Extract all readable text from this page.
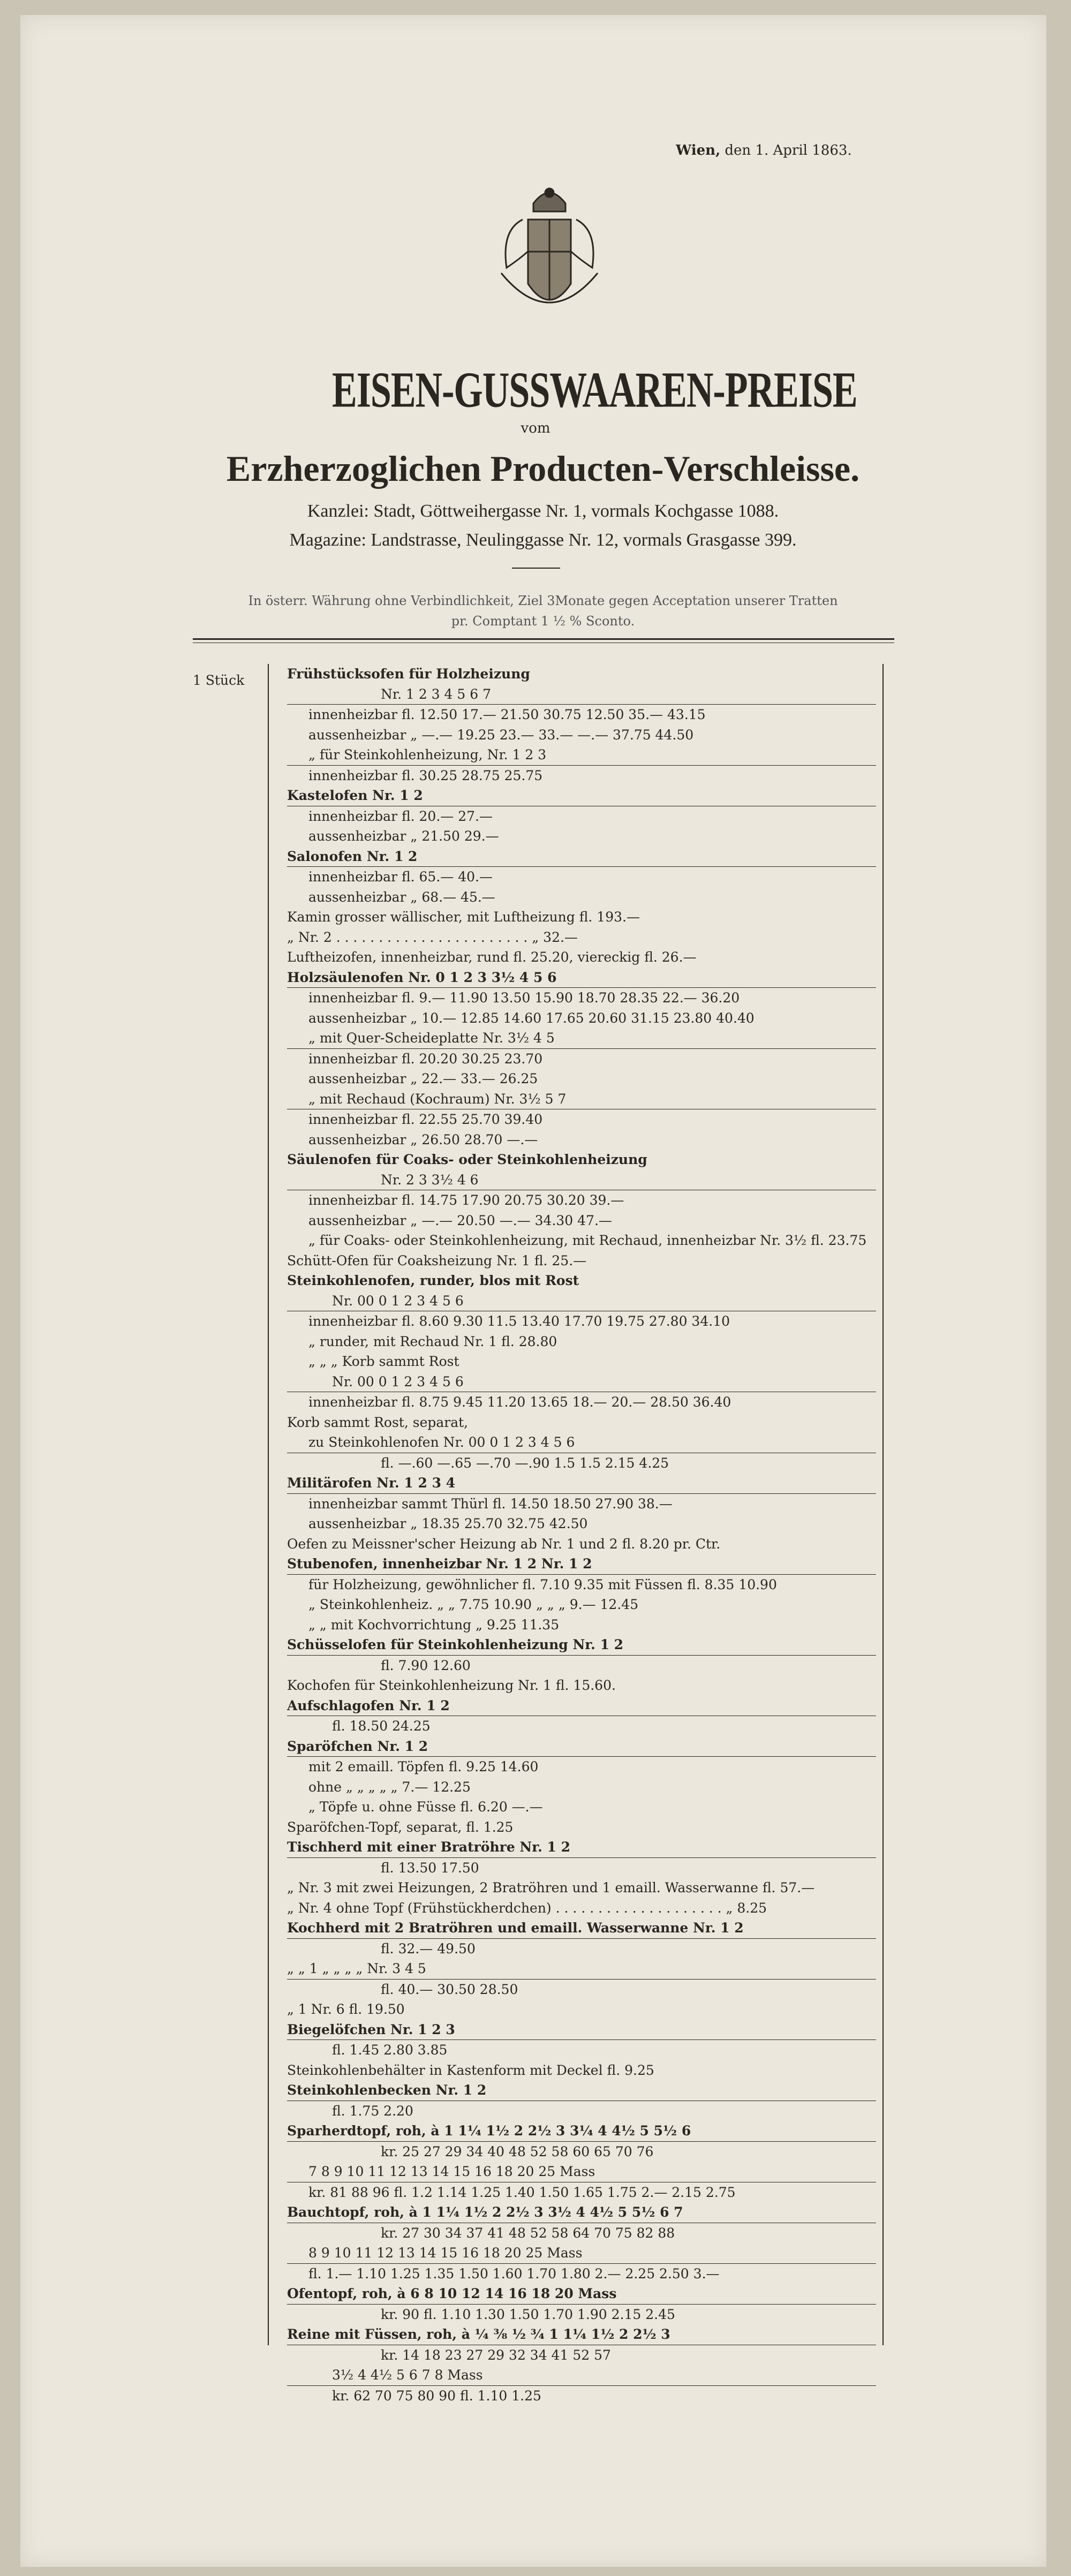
Wien, den 1. April 1863.
EISEN-GUSSWAAREN-PREISE
vom
Erzherzoglichen Producten-Verschleisse.
Kanzlei: Stadt, Göttweihergasse Nr. 1, vormals Kochgasse 1088.
Magazine: Landstrasse, Neulinggasse Nr. 12, vormals Grasgasse 399.
In österr. Währung ohne Verbindlichkeit, Ziel 3Monate gegen Acceptation unserer Tratten
pr. Comptant 1 ½ % Sconto.
1 Stück	Frühstücksofen für Holzheizung
Nr. 1 2 3 4 5 6 7
innenheizbar fl. 12.50 17.— 21.50 30.75 12.50 35.— 43.15
aussenheizbar „ —.— 19.25 23.— 33.— —.— 37.75 44.50
„ für Steinkohlenheizung, Nr. 1 2 3
innenheizbar fl. 30.25 28.75 25.75
Kastelofen Nr. 1 2
innenheizbar fl. 20.— 27.—
aussenheizbar „ 21.50 29.—
Salonofen Nr. 1 2
innenheizbar fl. 65.— 40.—
aussenheizbar „ 68.— 45.—
Kamin grosser wällischer, mit Luftheizung fl. 193.—
„ Nr. 2 . . . . . . . . . . . . . . . . . . . . . . . „ 32.—
Luftheizofen, innenheizbar, rund fl. 25.20, viereckig fl. 26.—
Holzsäulenofen Nr. 0 1 2 3 3½ 4 5 6
innenheizbar fl. 9.— 11.90 13.50 15.90 18.70 28.35 22.— 36.20
aussenheizbar „ 10.— 12.85 14.60 17.65 20.60 31.15 23.80 40.40
„ mit Quer-Scheideplatte Nr. 3½ 4 5
innenheizbar fl. 20.20 30.25 23.70
aussenheizbar „ 22.— 33.— 26.25
„ mit Rechaud (Kochraum) Nr. 3½ 5 7
innenheizbar fl. 22.55 25.70 39.40
aussenheizbar „ 26.50 28.70 —.—
Säulenofen für Coaks- oder Steinkohlenheizung
Nr. 2 3 3½ 4 6
innenheizbar fl. 14.75 17.90 20.75 30.20 39.—
aussenheizbar „ —.— 20.50 —.— 34.30 47.—
„ für Coaks- oder Steinkohlenheizung, mit Rechaud, innenheizbar Nr. 3½ fl. 23.75
Schütt-Ofen für Coaksheizung Nr. 1 fl. 25.—
Steinkohlenofen, runder, blos mit Rost
Nr. 00 0 1 2 3 4 5 6
innenheizbar fl. 8.60 9.30 11.5 13.40 17.70 19.75 27.80 34.10
„ runder, mit Rechaud Nr. 1 fl. 28.80
„ „ „ Korb sammt Rost
Nr. 00 0 1 2 3 4 5 6
innenheizbar fl. 8.75 9.45 11.20 13.65 18.— 20.— 28.50 36.40
Korb sammt Rost, separat,
zu Steinkohlenofen Nr. 00 0 1 2 3 4 5 6
fl. —.60 —.65 —.70 —.90 1.5 1.5 2.15 4.25
Militärofen Nr. 1 2 3 4
innenheizbar sammt Thürl fl. 14.50 18.50 27.90 38.—
aussenheizbar „ 18.35 25.70 32.75 42.50
Oefen zu Meissner'scher Heizung ab Nr. 1 und 2 fl. 8.20 pr. Ctr.
Stubenofen, innenheizbar Nr. 1 2 Nr. 1 2
für Holzheizung, gewöhnlicher fl. 7.10 9.35 mit Füssen fl. 8.35 10.90
„ Steinkohlenheiz. „ „ 7.75 10.90 „ „ „ 9.— 12.45
„ „ mit Kochvorrichtung „ 9.25 11.35
Schüsselofen für Steinkohlenheizung Nr. 1 2
fl. 7.90 12.60
Kochofen für Steinkohlenheizung Nr. 1 fl. 15.60.
Aufschlagofen Nr. 1 2
fl. 18.50 24.25
Sparöfchen Nr. 1 2
mit 2 emaill. Töpfen fl. 9.25 14.60
ohne „ „ „ „ „ 7.— 12.25
„ Töpfe u. ohne Füsse fl. 6.20 —.—
Sparöfchen-Topf, separat, fl. 1.25
Tischherd mit einer Bratröhre Nr. 1 2
fl. 13.50 17.50
„ Nr. 3 mit zwei Heizungen, 2 Bratröhren und 1 emaill. Wasserwanne fl. 57.—
„ Nr. 4 ohne Topf (Frühstückherdchen) . . . . . . . . . . . . . . . . . . . . „ 8.25
Kochherd mit 2 Bratröhren und emaill. Wasserwanne Nr. 1 2
fl. 32.— 49.50
„ „ 1 „ „ „ „ Nr. 3 4 5
fl. 40.— 30.50 28.50
„ 1 Nr. 6 fl. 19.50
Biegelöfchen Nr. 1 2 3
fl. 1.45 2.80 3.85
Steinkohlenbehälter in Kastenform mit Deckel fl. 9.25
Steinkohlenbecken Nr. 1 2
fl. 1.75 2.20
Sparherdtopf, roh, à 1 1¼ 1½ 2 2½ 3 3¼ 4 4½ 5 5½ 6
kr. 25 27 29 34 40 48 52 58 60 65 70 76
7 8 9 10 11 12 13 14 15 16 18 20 25 Mass
kr. 81 88 96 fl. 1.2 1.14 1.25 1.40 1.50 1.65 1.75 2.— 2.15 2.75
Bauchtopf, roh, à 1 1¼ 1½ 2 2½ 3 3½ 4 4½ 5 5½ 6 7
kr. 27 30 34 37 41 48 52 58 64 70 75 82 88
8 9 10 11 12 13 14 15 16 18 20 25 Mass
fl. 1.— 1.10 1.25 1.35 1.50 1.60 1.70 1.80 2.— 2.25 2.50 3.—
Ofentopf, roh, à 6 8 10 12 14 16 18 20 Mass
kr. 90 fl. 1.10 1.30 1.50 1.70 1.90 2.15 2.45
Reine mit Füssen, roh, à ¼ ⅜ ½ ¾ 1 1¼ 1½ 2 2½ 3
kr. 14 18 23 27 29 32 34 41 52 57
3½ 4 4½ 5 6 7 8 Mass
kr. 62 70 75 80 90 fl. 1.10 1.25
